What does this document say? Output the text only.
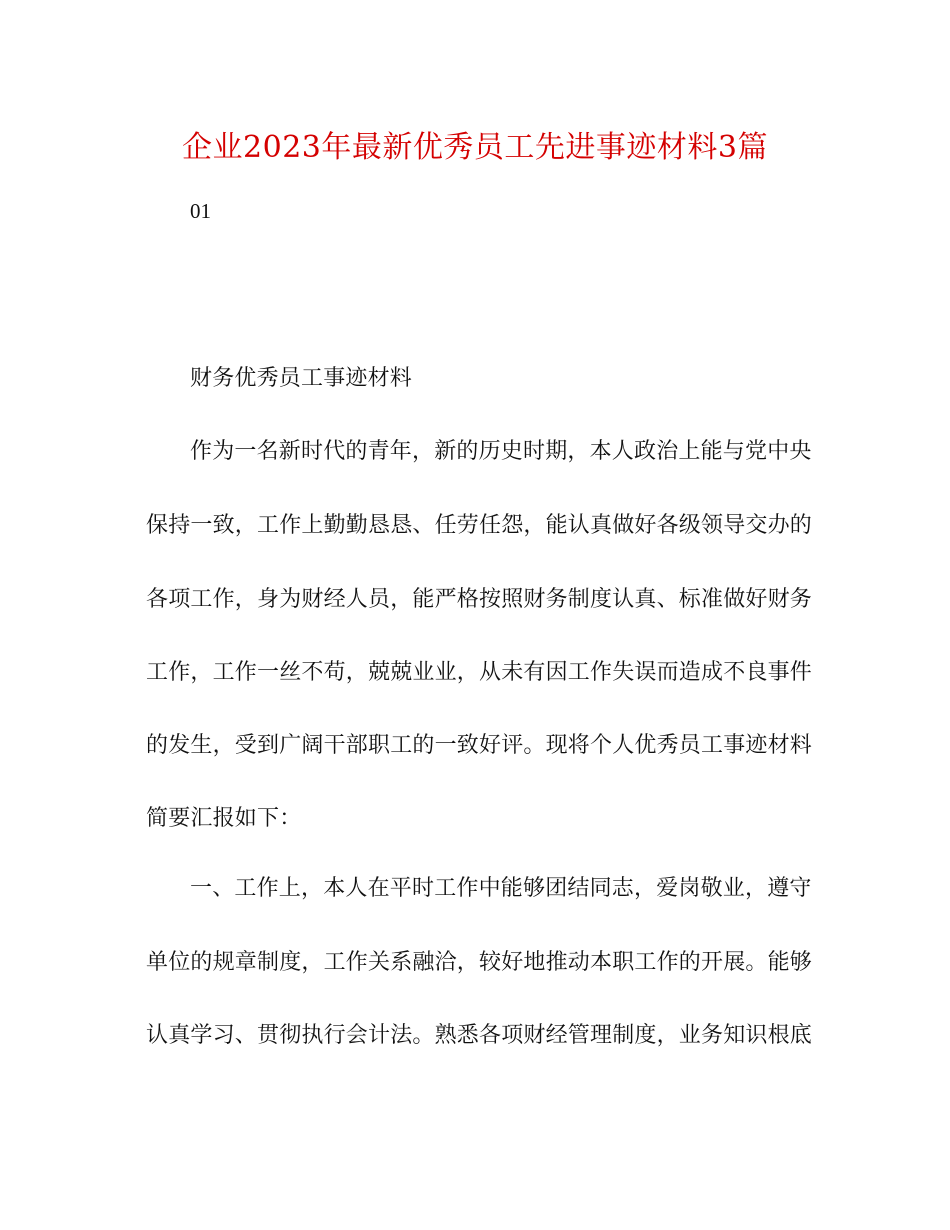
企业2023年最新优秀员工先进事迹材料3篇
01
财务优秀员工事迹材料
作为一名新时代的青年，新的历史时期，本人政治上能与党中央
保持一致，工作上勤勤恳恳、任劳任怨，能认真做好各级领导交办的
各项工作，身为财经人员，能严格按照财务制度认真、标准做好财务
工作，工作一丝不苟，兢兢业业，从未有因工作失误而造成不良事件
的发生，受到广阔干部职工的一致好评。现将个人优秀员工事迹材料
简要汇报如下：
一、工作上，本人在平时工作中能够团结同志，爱岗敬业，遵守
单位的规章制度，工作关系融洽，较好地推动本职工作的开展。能够
认真学习、贯彻执行会计法。熟悉各项财经管理制度，业务知识根底
